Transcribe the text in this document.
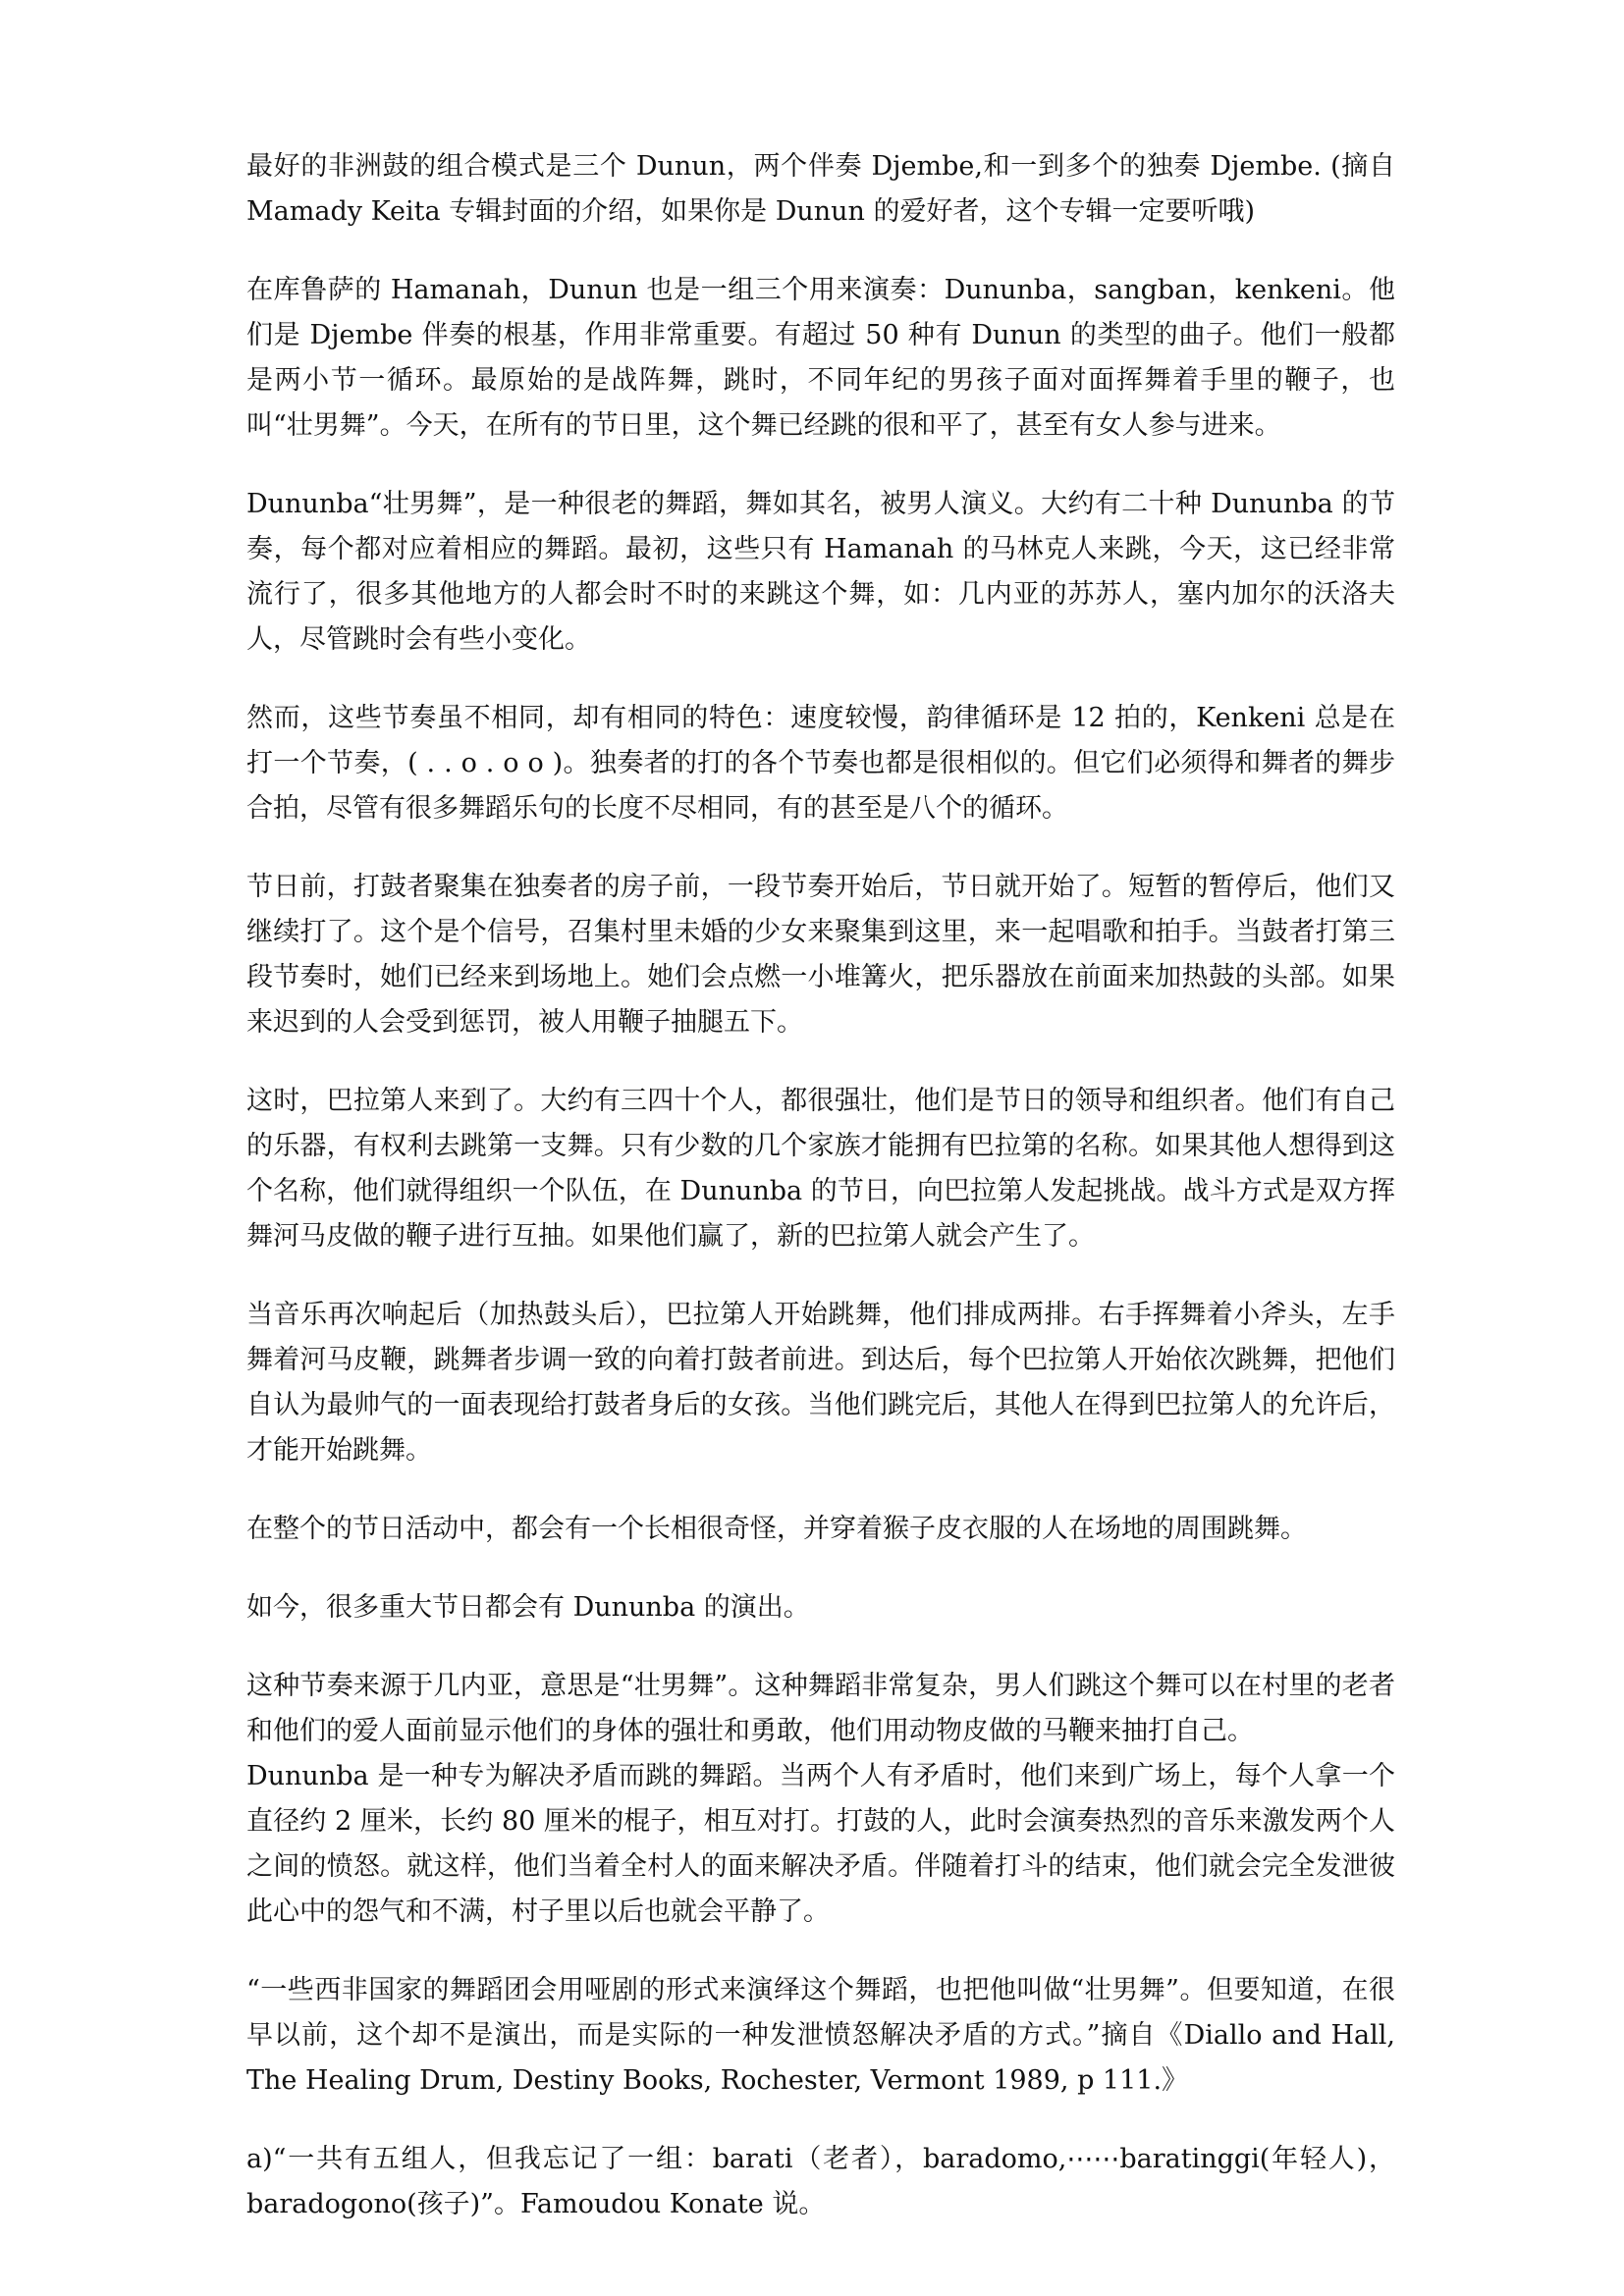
最好的非洲鼓的组合模式是三个 Dunun，两个伴奏 Djembe,和一到多个的独奏 Djembe. (摘自 Mamady Keita 专辑封面的介绍，如果你是 Dunun 的爱好者，这个专辑一定要听哦)

在库鲁萨的 Hamanah，Dunun 也是一组三个用来演奏：Dununba，sangban，kenkeni。他们是 Djembe 伴奏的根基，作用非常重要。有超过 50 种有 Dunun 的类型的曲子。他们一般都是两小节一循环。最原始的是战阵舞，跳时，不同年纪的男孩子面对面挥舞着手里的鞭子，也叫“壮男舞”。今天，在所有的节日里，这个舞已经跳的很和平了，甚至有女人参与进来。

Dununba“壮男舞”，是一种很老的舞蹈，舞如其名，被男人演义。大约有二十种 Dununba 的节奏，每个都对应着相应的舞蹈。最初，这些只有 Hamanah 的马林克人来跳，今天，这已经非常流行了，很多其他地方的人都会时不时的来跳这个舞，如：几内亚的苏苏人，塞内加尔的沃洛夫人，尽管跳时会有些小变化。

然而，这些节奏虽不相同，却有相同的特色：速度较慢，韵律循环是 12 拍的，Kenkeni 总是在打一个节奏，( . . o . o o )。独奏者的打的各个节奏也都是很相似的。但它们必须得和舞者的舞步合拍，尽管有很多舞蹈乐句的长度不尽相同，有的甚至是八个的循环。

节日前，打鼓者聚集在独奏者的房子前，一段节奏开始后，节日就开始了。短暂的暂停后，他们又继续打了。这个是个信号，召集村里未婚的少女来聚集到这里，来一起唱歌和拍手。当鼓者打第三段节奏时，她们已经来到场地上。她们会点燃一小堆篝火，把乐器放在前面来加热鼓的头部。如果来迟到的人会受到惩罚，被人用鞭子抽腿五下。

这时，巴拉第人来到了。大约有三四十个人，都很强壮，他们是节日的领导和组织者。他们有自己的乐器，有权利去跳第一支舞。只有少数的几个家族才能拥有巴拉第的名称。如果其他人想得到这个名称，他们就得组织一个队伍，在 Dununba 的节日，向巴拉第人发起挑战。战斗方式是双方挥舞河马皮做的鞭子进行互抽。如果他们赢了，新的巴拉第人就会产生了。

当音乐再次响起后（加热鼓头后），巴拉第人开始跳舞，他们排成两排。右手挥舞着小斧头，左手舞着河马皮鞭，跳舞者步调一致的向着打鼓者前进。到达后，每个巴拉第人开始依次跳舞，把他们自认为最帅气的一面表现给打鼓者身后的女孩。当他们跳完后，其他人在得到巴拉第人的允许后，才能开始跳舞。

在整个的节日活动中，都会有一个长相很奇怪，并穿着猴子皮衣服的人在场地的周围跳舞。

如今，很多重大节日都会有 Dununba 的演出。

这种节奏来源于几内亚，意思是“壮男舞”。这种舞蹈非常复杂，男人们跳这个舞可以在村里的老者和他们的爱人面前显示他们的身体的强壮和勇敢，他们用动物皮做的马鞭来抽打自己。

Dununba 是一种专为解决矛盾而跳的舞蹈。当两个人有矛盾时，他们来到广场上，每个人拿一个直径约 2 厘米，长约 80 厘米的棍子，相互对打。打鼓的人，此时会演奏热烈的音乐来激发两个人之间的愤怒。就这样，他们当着全村人的面来解决矛盾。伴随着打斗的结束，他们就会完全发泄彼此心中的怨气和不满，村子里以后也就会平静了。

“一些西非国家的舞蹈团会用哑剧的形式来演绎这个舞蹈，也把他叫做“壮男舞”。但要知道，在很早以前，这个却不是演出，而是实际的一种发泄愤怒解决矛盾的方式。”摘自《Diallo and Hall, The Healing Drum, Destiny Books, Rochester, Vermont 1989, p 111.》

a)“一共有五组人，但我忘记了一组：barati（老者），baradomo,⋯⋯baratinggi(年轻人)，baradogono(孩子)”。Famoudou Konate 说。
